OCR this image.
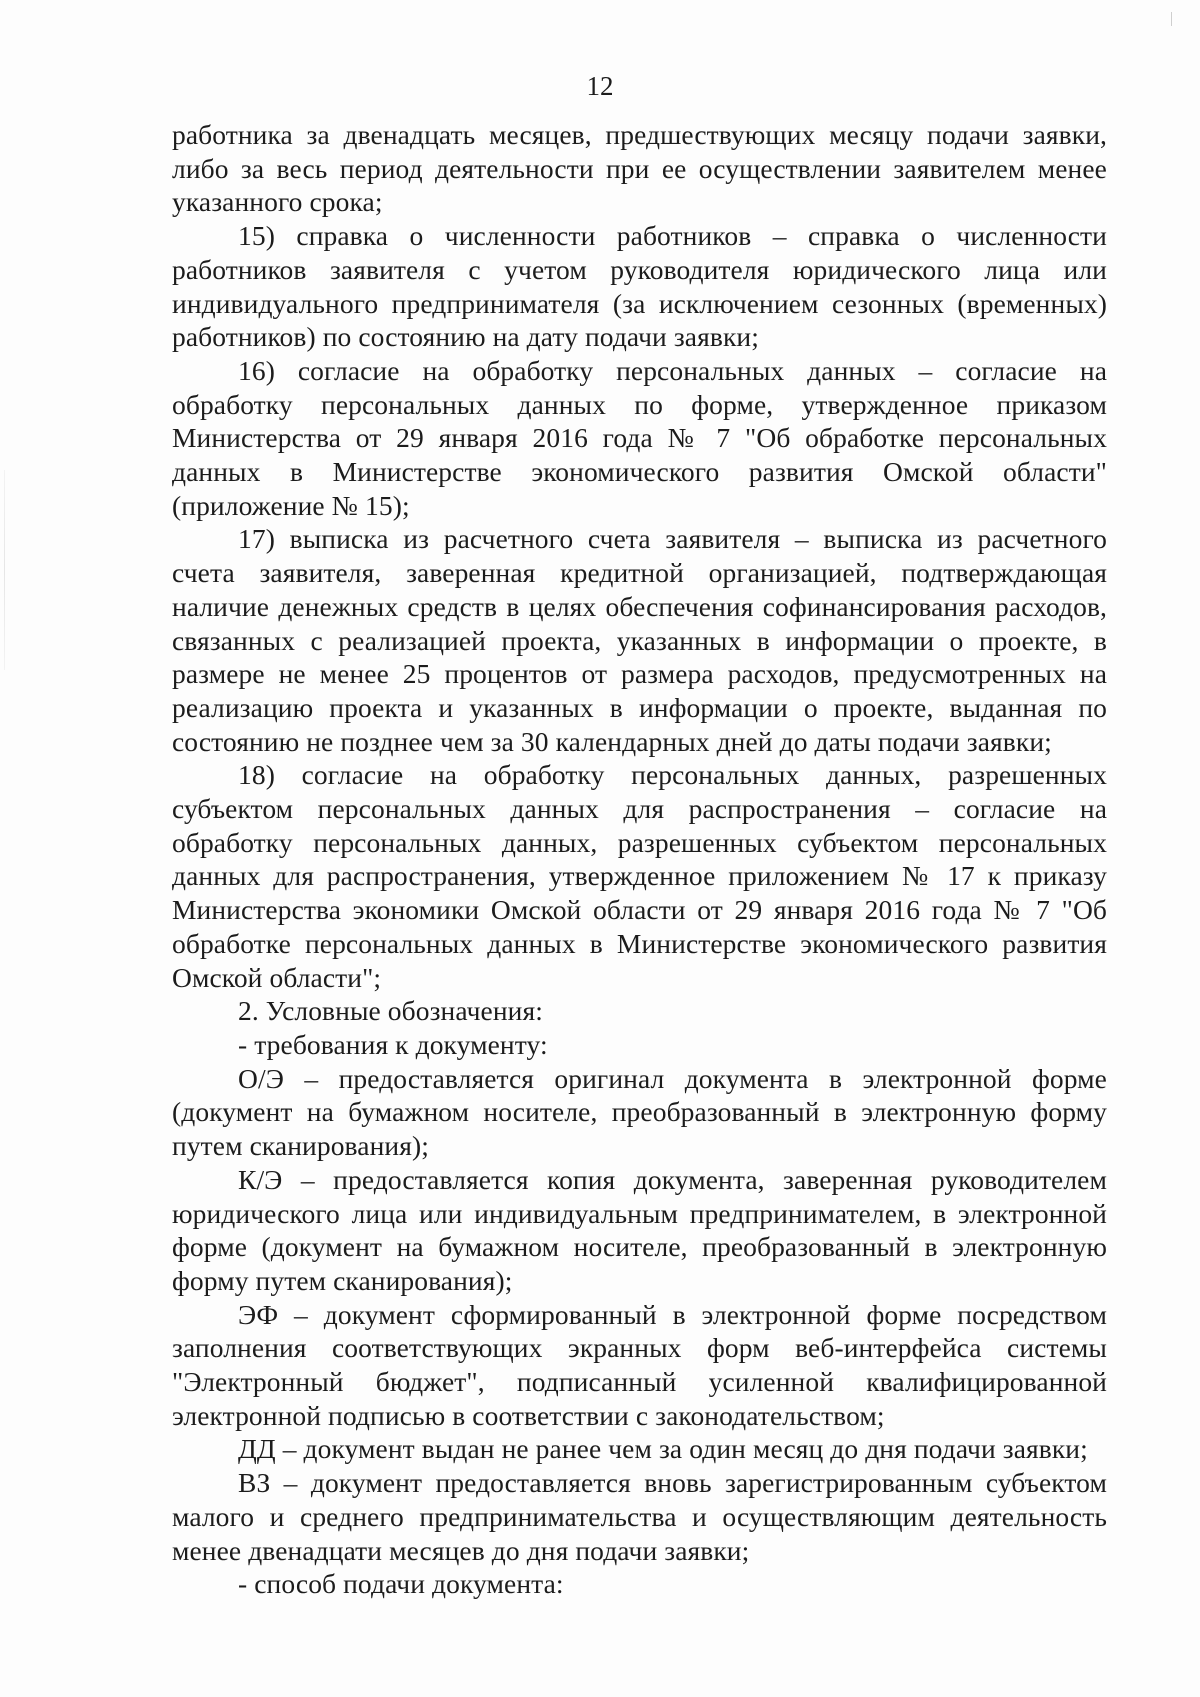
12

работника за двенадцать месяцев, предшествующих месяцу подачи заявки, либо за весь период деятельности при ее осуществлении заявителем менее указанного срока;

15) справка о численности работников – справка о численности работников заявителя с учетом руководителя юридического лица или индивидуального предпринимателя (за исключением сезонных (временных) работников) по состоянию на дату подачи заявки;

16) согласие на обработку персональных данных – согласие на обработку персональных данных по форме, утвержденное приказом Министерства от 29 января 2016 года № 7 "Об обработке персональных данных в Министерстве экономического развития Омской области" (приложение № 15);

17) выписка из расчетного счета заявителя – выписка из расчетного счета заявителя, заверенная кредитной организацией, подтверждающая наличие денежных средств в целях обеспечения софинансирования расходов, связанных с реализацией проекта, указанных в информации о проекте, в размере не менее 25 процентов от размера расходов, предусмотренных на реализацию проекта и указанных в информации о проекте, выданная по состоянию не позднее чем за 30 календарных дней до даты подачи заявки;

18) согласие на обработку персональных данных, разрешенных субъектом персональных данных для распространения – согласие на обработку персональных данных, разрешенных субъектом персональных данных для распространения, утвержденное приложением № 17 к приказу Министерства экономики Омской области от 29 января 2016 года № 7 "Об обработке персональных данных в Министерстве экономического развития Омской области";

2. Условные обозначения:

- требования к документу:

О/Э – предоставляется оригинал документа в электронной форме (документ на бумажном носителе, преобразованный в электронную форму путем сканирования);

К/Э – предоставляется копия документа, заверенная руководителем юридического лица или индивидуальным предпринимателем, в электронной форме (документ на бумажном носителе, преобразованный в электронную форму путем сканирования);

ЭФ – документ сформированный в электронной форме посредством заполнения соответствующих экранных форм веб-интерфейса системы "Электронный бюджет", подписанный усиленной квалифицированной электронной подписью в соответствии с законодательством;

ДД – документ выдан не ранее чем за один месяц до дня подачи заявки;

ВЗ – документ предоставляется вновь зарегистрированным субъектом малого и среднего предпринимательства и осуществляющим деятельность менее двенадцати месяцев до дня подачи заявки;

- способ подачи документа:
